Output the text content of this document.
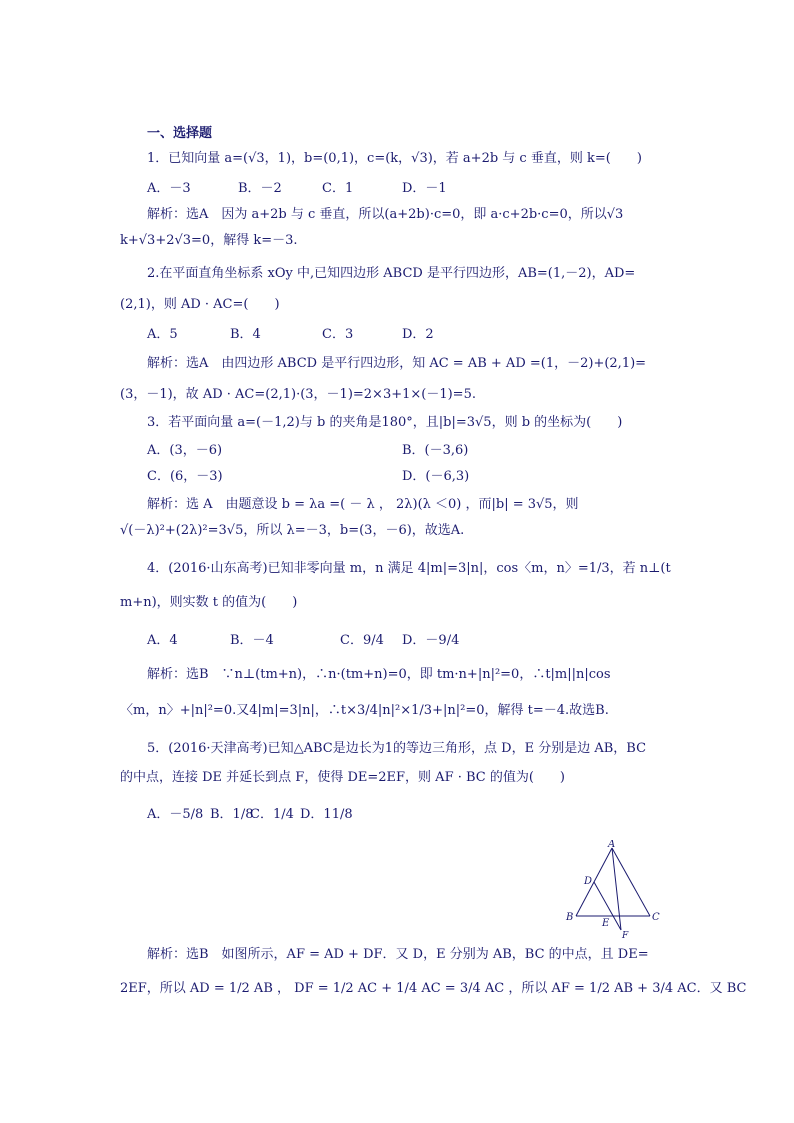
一、选择题
1．已知向量 a=(√3，1)，b=(0,1)，c=(k，√3)，若 a+2b 与 c 垂直，则 k=(　　)
A．－3	B．－2	C．1	D．－1
解析：选A　因为 a+2b 与 c 垂直，所以(a+2b)·c=0，即 a·c+2b·c=0，所以√3
k+√3+2√3=0，解得 k=－3.
2.在平面直角坐标系 xOy 中,已知四边形 ABCD 是平行四边形，AB=(1,－2)，AD=
(2,1)，则 AD · AC=(　　)
A．5	B．4	C．3	D．2
解析：选A　由四边形 ABCD 是平行四边形，知 AC = AB + AD =(1，－2)+(2,1)=
(3，－1)，故 AD · AC=(2,1)·(3，－1)=2×3+1×(－1)=5.
3．若平面向量 a=(－1,2)与 b 的夹角是180°，且|b|=3√5，则 b 的坐标为(　　)
A．(3，－6)	B．(－3,6)
C．(6，－3)	D．(－6,3)
解析：选 A　由题意设 b = λa =( － λ ， 2λ)(λ ＜0) ，而|b| = 3√5，则
√(－λ)²+(2λ)²=3√5，所以 λ=－3，b=(3，－6)，故选A.
4．(2016·山东高考)已知非零向量 m，n 满足 4|m|=3|n|，cos〈m，n〉=1/3，若 n⊥(t
m+n)，则实数 t 的值为(　　)
A．4	B．－4	C．9/4 D．－9/4
解析：选B　∵n⊥(tm+n)，∴n·(tm+n)=0，即 tm·n+|n|²=0，∴t|m||n|cos
〈m，n〉+|n|²=0.又4|m|=3|n|，∴t×3/4|n|²×1/3+|n|²=0，解得 t=－4.故选B.
5．(2016·天津高考)已知△ABC是边长为1的等边三角形，点 D，E 分别是边 AB，BC
的中点，连接 DE 并延长到点 F，使得 DE=2EF，则 AF · BC 的值为(　　)
A．－5/8 B．1/8
C．1/4 D．11/8
A
D
B
E
C
F
解析：选B　如图所示，AF = AD + DF．又 D，E 分别为 AB，BC 的中点，且 DE=
2EF，所以 AD = 1/2 AB ， DF = 1/2 AC + 1/4 AC = 3/4 AC ，所以 AF = 1/2 AB + 3/4 AC．又 BC
